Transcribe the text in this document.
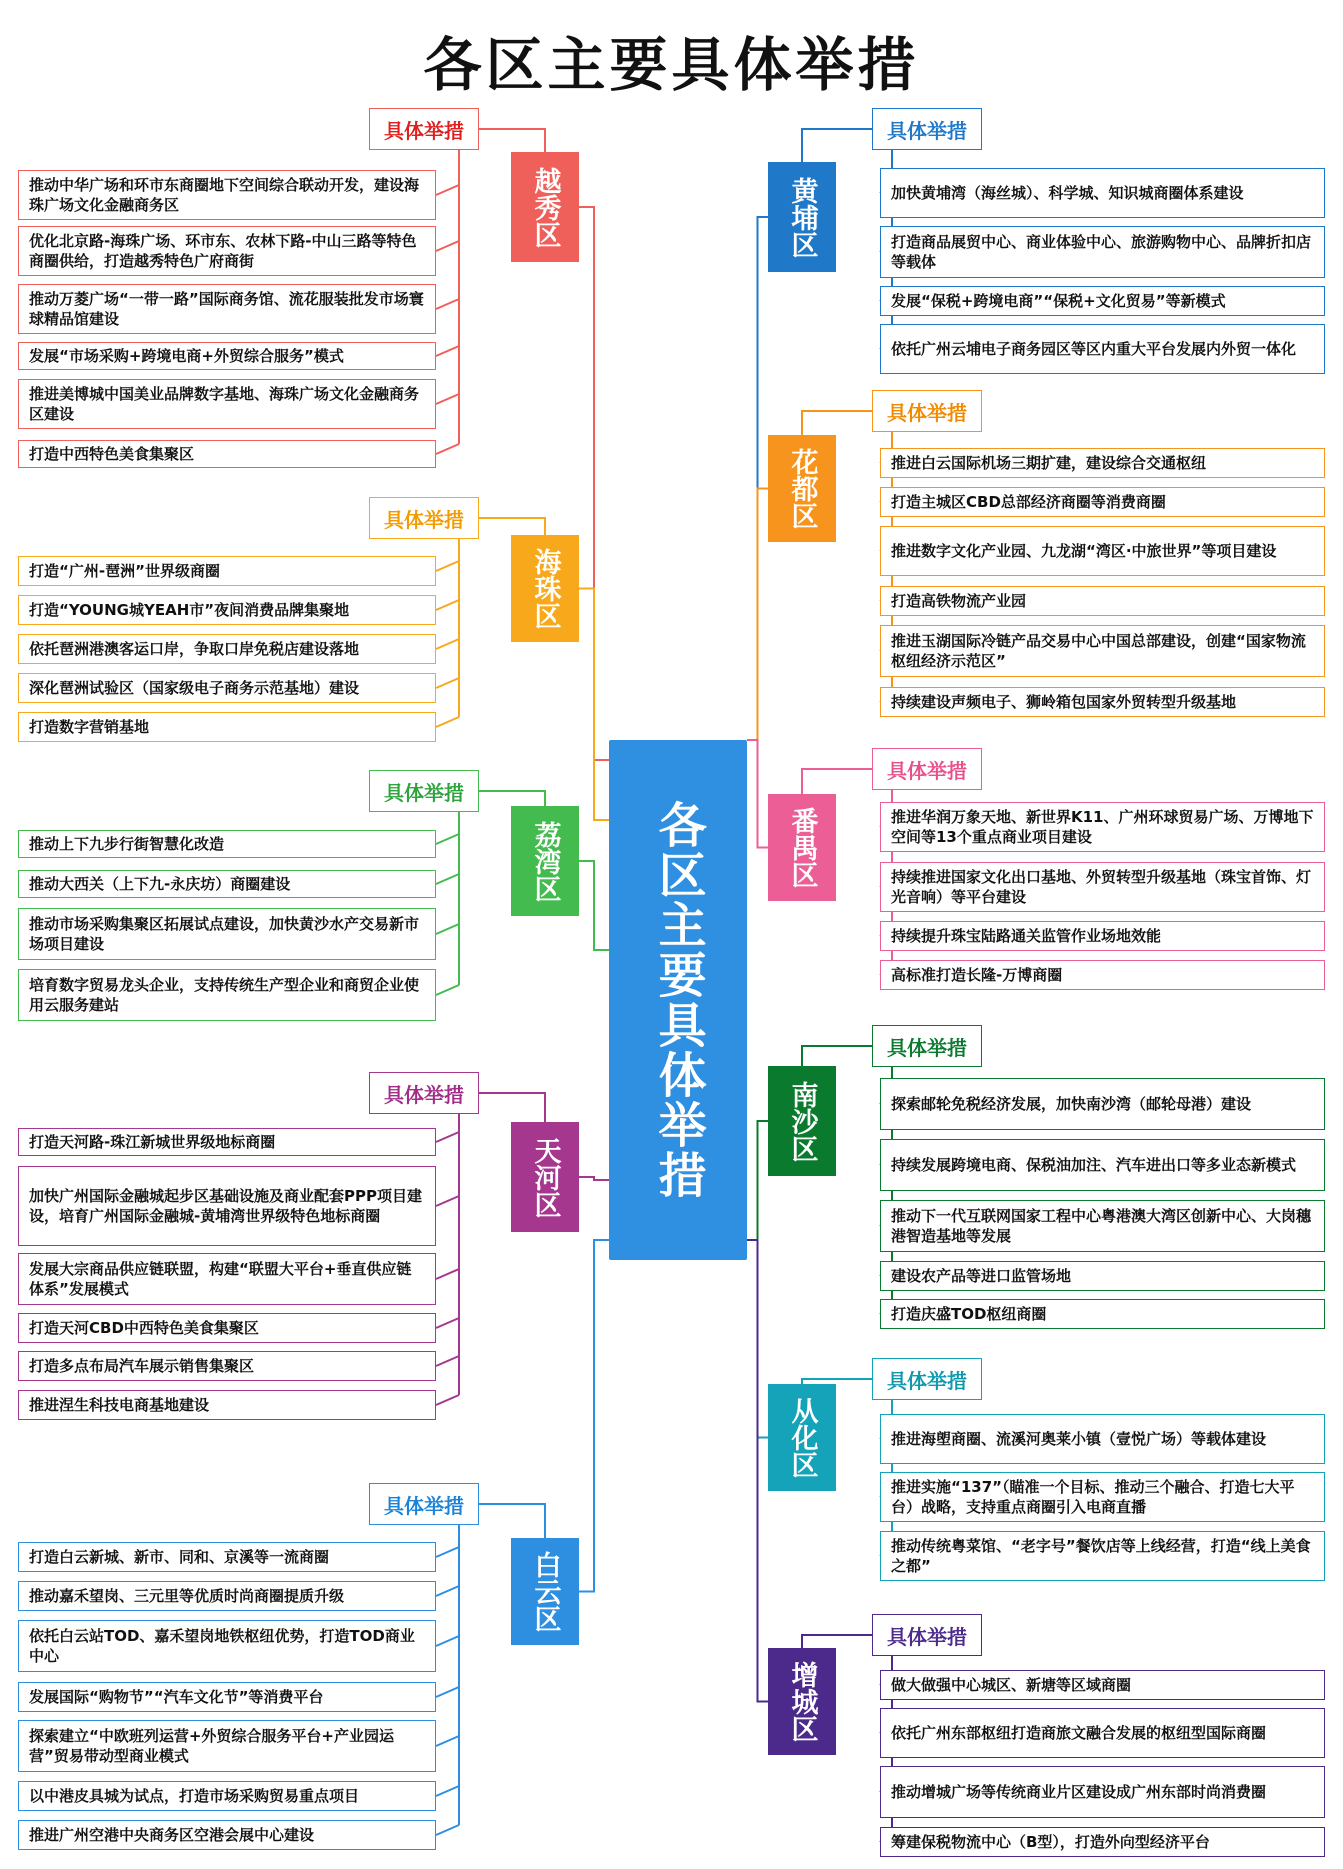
各区主要具体举措
各区主要具体举措
越秀区
具体举措
推动中华广场和环市东商圈地下空间综合联动开发，建设海珠广场文化金融商务区
优化北京路-海珠广场、环市东、农林下路-中山三路等特色商圈供给，打造越秀特色广府商街
推动万菱广场“一带一路”国际商务馆、流花服装批发市场寰球精品馆建设
发展“市场采购+跨境电商+外贸综合服务”模式
推进美博城中国美业品牌数字基地、海珠广场文化金融商务区建设
打造中西特色美食集聚区
海珠区
具体举措
打造“广州-琶洲”世界级商圈
打造“YOUNG城YEAH市”夜间消费品牌集聚地
依托琶洲港澳客运口岸，争取口岸免税店建设落地
深化琶洲试验区（国家级电子商务示范基地）建设
打造数字营销基地
荔湾区
具体举措
推动上下九步行街智慧化改造
推动大西关（上下九-永庆坊）商圈建设
推动市场采购集聚区拓展试点建设，加快黄沙水产交易新市场项目建设
培育数字贸易龙头企业，支持传统生产型企业和商贸企业使用云服务建站
天河区
具体举措
打造天河路-珠江新城世界级地标商圈
加快广州国际金融城起步区基础设施及商业配套PPP项目建设，培育广州国际金融城-黄埔湾世界级特色地标商圈
发展大宗商品供应链联盟，构建“联盟大平台+垂直供应链体系”发展模式
打造天河CBD中西特色美食集聚区
打造多点布局汽车展示销售集聚区
推进涅生科技电商基地建设
白云区
具体举措
打造白云新城、新市、同和、京溪等一流商圈
推动嘉禾望岗、三元里等优质时尚商圈提质升级
依托白云站TOD、嘉禾望岗地铁枢纽优势，打造TOD商业中心
发展国际“购物节”“汽车文化节”等消费平台
探索建立“中欧班列运营+外贸综合服务平台+产业园运营”贸易带动型商业模式
以中港皮具城为试点，打造市场采购贸易重点项目
推进广州空港中央商务区空港会展中心建设
黄埔区
具体举措
加快黄埔湾（海丝城）、科学城、知识城商圈体系建设
打造商品展贸中心、商业体验中心、旅游购物中心、品牌折扣店等载体
发展“保税+跨境电商”“保税+文化贸易”等新模式
依托广州云埔电子商务园区等区内重大平台发展内外贸一体化
花都区
具体举措
推进白云国际机场三期扩建，建设综合交通枢纽
打造主城区CBD总部经济商圈等消费商圈
推进数字文化产业园、九龙湖“湾区·中旅世界”等项目建设
打造高铁物流产业园
推进玉湖国际冷链产品交易中心中国总部建设，创建“国家物流枢纽经济示范区”
持续建设声频电子、狮岭箱包国家外贸转型升级基地
番禺区
具体举措
推进华润万象天地、新世界K11、广州环球贸易广场、万博地下空间等13个重点商业项目建设
持续推进国家文化出口基地、外贸转型升级基地（珠宝首饰、灯光音响）等平台建设
持续提升珠宝陆路通关监管作业场地效能
高标准打造长隆-万博商圈
南沙区
具体举措
探索邮轮免税经济发展，加快南沙湾（邮轮母港）建设
持续发展跨境电商、保税油加注、汽车进出口等多业态新模式
推动下一代互联网国家工程中心粤港澳大湾区创新中心、大岗穗港智造基地等发展
建设农产品等进口监管场地
打造庆盛TOD枢纽商圈
从化区
具体举措
推进海塱商圈、流溪河奥莱小镇（壹悦广场）等载体建设
推进实施“137”（瞄准一个目标、推动三个融合、打造七大平台）战略，支持重点商圈引入电商直播
推动传统粤菜馆、“老字号”餐饮店等上线经营，打造“线上美食之都”
增城区
具体举措
做大做强中心城区、新塘等区域商圈
依托广州东部枢纽打造商旅文融合发展的枢纽型国际商圈
推动增城广场等传统商业片区建设成广州东部时尚消费圈
筹建保税物流中心（B型），打造外向型经济平台
